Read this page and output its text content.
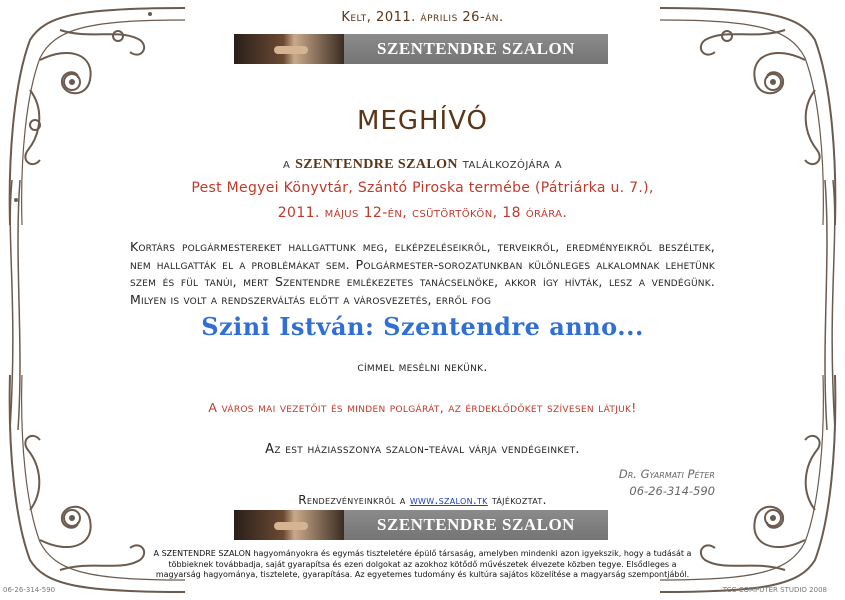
Kelt, 2011. április 26-án.
SZENTENDRE SZALON
MEGHÍVÓ
a SZENTENDRE SZALON találkozójára a
Pest Megyei Könyvtár, Szántó Piroska termébe (Pátriárka u. 7.),
2011. május 12-én, csütörtökön, 18 órára.
Kortárs polgármestereket hallgattunk meg, elképzeléseikről, terveikről, eredményeikről beszéltek, nem hallgatták el a problémákat sem. Polgármester-sorozatunkban különleges alkalomnak lehetünk szem és fül tanúi, mert Szentendre emlékezetes tanácselnöke, akkor így hívták, lesz a vendégünk. Milyen is volt a rendszerváltás előtt a városvezetés, erről fog
Szini István: Szentendre anno...
címmel mesélni nekünk.
A város mai vezetőit és minden polgárát, az érdeklődőket szívesen látjuk!
Az est háziasszonya szalon-teával várja vendégeinket.
Dr. Gyarmati Péter
06-26-314-590
Rendezvényeinkről a www.szalon.tk tájékoztat.
SZENTENDRE SZALON
A SZENTENDRE SZALON hagyományokra és egymás tiszteletére épülő társaság, amelyben mindenki azon igyekszik, hogy a tudását a többieknek továbbadja, saját gyarapítsa és ezen dolgokat az azokhoz kötődő művészetek élvezete közben tegye. Elsődleges a magyarság hagyománya, tisztelete, gyarapítása. Az egyetemes tudomány és kultúra sajátos közelítése a magyarság szempontjából.
06-26-314-590	TCC COMPUTER STUDIO 2008
